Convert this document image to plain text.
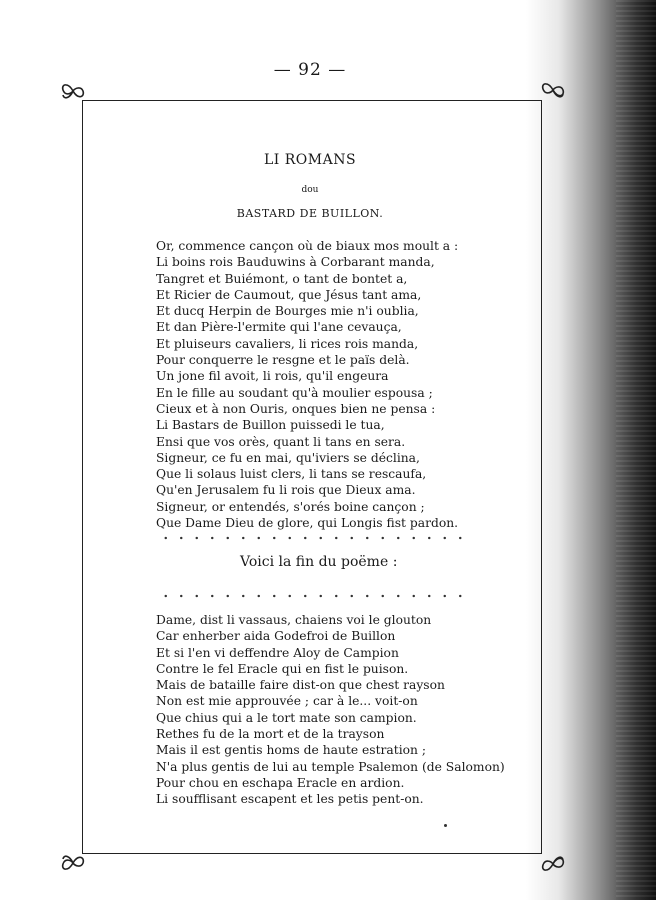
— 92 —
LI ROMANS
dou
BASTARD DE BUILLON.
Or, commence cançon où de biaux mos moult a :
Li boins rois Bauduwins à Corbarant manda,
Tangret et Buiémont, o tant de bontet a,
Et Ricier de Caumout, que Jésus tant ama,
Et ducq Herpin de Bourges mie n'i oublia,
Et dan Pière-l'ermite qui l'ane cevauça,
Et pluiseurs cavaliers, li rices rois manda,
Pour conquerre le resgne et le païs delà.
Un jone fil avoit, li rois, qu'il engeura
En le fille au soudant qu'à moulier espousa ;
Cieux et à non Ouris, onques bien ne pensa :
Li Bastars de Buillon puissedi le tua,
Ensi que vos orès, quant li tans en sera.
Signeur, ce fu en mai, qu'iviers se déclina,
Que li solaus luist clers, li tans se rescaufa,
Qu'en Jerusalem fu li rois que Dieux ama.
Signeur, or entendés, s'orés boine cançon ;
Que Dame Dieu de glore, qui Longis fist pardon.
Voici la fin du poëme :
Dame, dist li vassaus, chaiens voi le glouton
Car enherber aida Godefroi de Buillon
Et si l'en vi deffendre Aloy de Campion
Contre le fel Eracle qui en fist le puison.
Mais de bataille faire dist-on que chest rayson
Non est mie approuvée ; car à le... voit-on
Que chius qui a le tort mate son campion.
Rethes fu de la mort et de la trayson
Mais il est gentis homs de haute estration ;
N'a plus gentis de lui au temple Psalemon (de Salomon)
Pour chou en eschapa Eracle en ardion.
Li soufflisant escapent et les petis pent-on.
